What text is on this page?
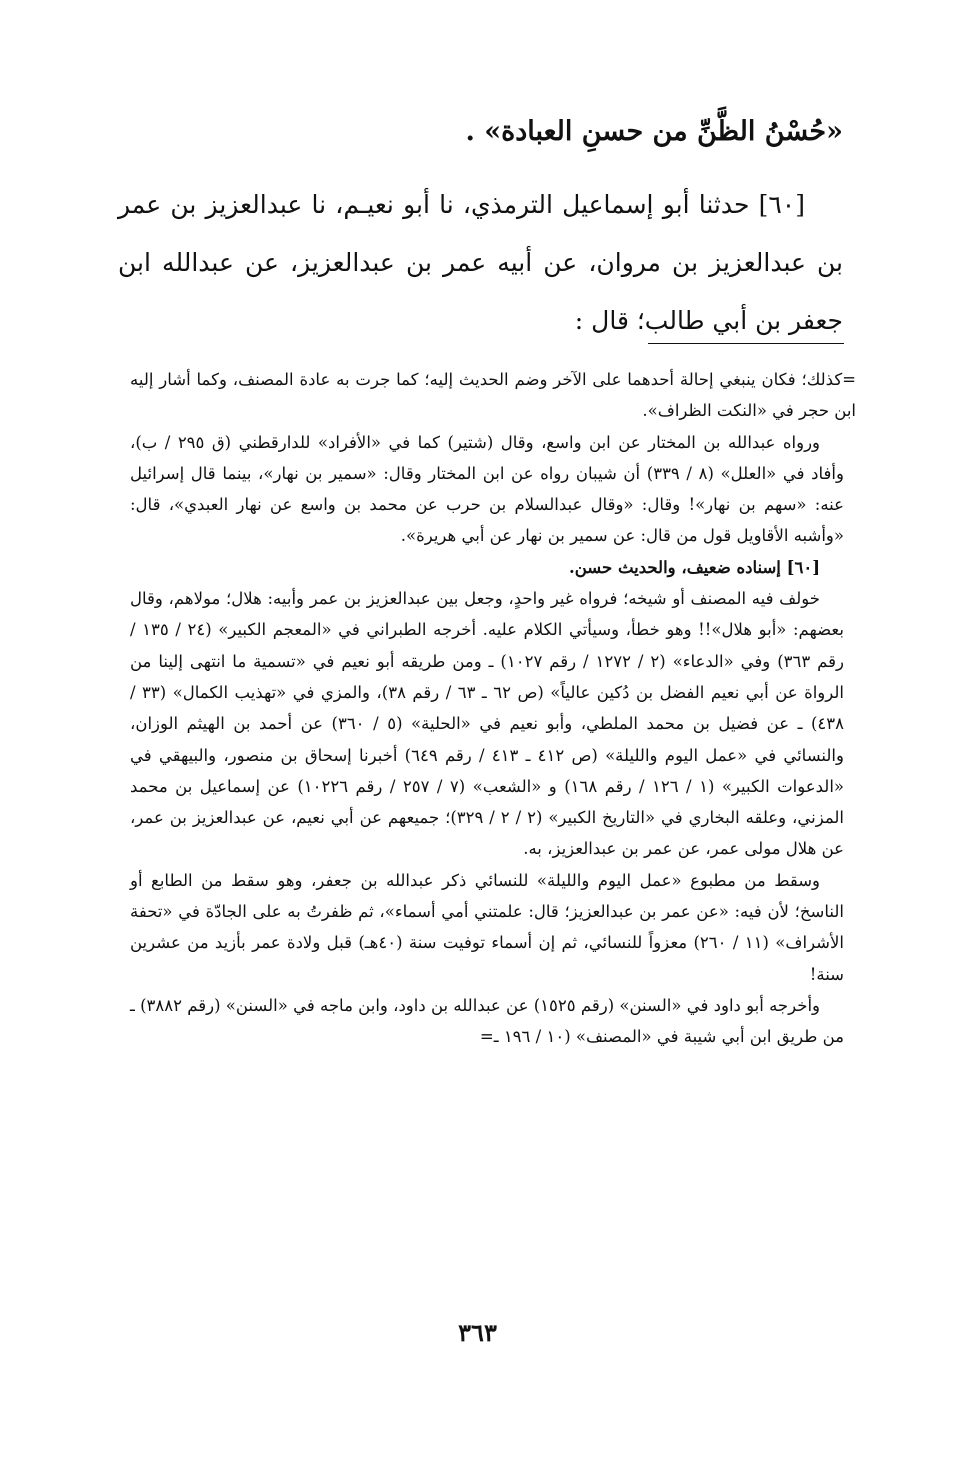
«حُسْنُ الظَّنِّ من حسنِ العبادة» .

[٦٠] حدثنا أبو إسماعيل الترمذي، نا أبو نعيـم، نا عبدالعزيز بن عمر بن عبدالعزيز بن مروان، عن أبيه عمر بن عبدالعزيز، عن عبدالله ابن جعفر بن أبي طالب؛ قال :

=كذلك؛ فكان ينبغي إحالة أحدهما على الآخر وضم الحديث إليه؛ كما جرت به عادة المصنف، وكما أشار إليه ابن حجر في «النكت الظراف».

ورواه عبدالله بن المختار عن ابن واسع، وقال (شتير) كما في «الأفراد» للدارقطني (ق ٢٩٥ / ب)، وأفاد في «العلل» (٨ / ٣٣٩) أن شيبان رواه عن ابن المختار وقال: «سمير بن نهار»، بينما قال إسرائيل عنه: «سهم بن نهار»! وقال: «وقال عبدالسلام بن حرب عن محمد بن واسع عن نهار العبدي»، قال: «وأشبه الأقاويل قول من قال: عن سمير بن نهار عن أبي هريرة».

[٦٠] إسناده ضعيف، والحديث حسن.

خولف فيه المصنف أو شيخه؛ فرواه غير واحدٍ، وجعل بين عبدالعزيز بن عمر وأبيه: هلال؛ مولاهم، وقال بعضهم: «أبو هلال»!! وهو خطأ، وسيأتي الكلام عليه. أخرجه الطبراني في «المعجم الكبير» (٢٤ / ١٣٥ / رقم ٣٦٣) وفي «الدعاء» (٢ / ١٢٧٢ / رقم ١٠٢٧) ـ ومن طريقه أبو نعيم في «تسمية ما انتهى إلينا من الرواة عن أبي نعيم الفضل بن دُكين عالياً» (ص ٦٢ ـ ٦٣ / رقم ٣٨)، والمزي في «تهذيب الكمال» (٣٣ / ٤٣٨) ـ عن فضيل بن محمد الملطي، وأبو نعيم في «الحلية» (٥ / ٣٦٠) عن أحمد بن الهيثم الوزان، والنسائي في «عمل اليوم والليلة» (ص ٤١٢ ـ ٤١٣ / رقم ٦٤٩) أخبرنا إسحاق بن منصور، والبيهقي في «الدعوات الكبير» (١ / ١٢٦ / رقم ١٦٨) و «الشعب» (٧ / ٢٥٧ / رقم ١٠٢٢٦) عن إسماعيل بن محمد المزني، وعلقه البخاري في «التاريخ الكبير» (٢ / ٢ / ٣٢٩)؛ جميعهم عن أبي نعيم، عن عبدالعزيز بن عمر، عن هلال مولى عمر، عن عمر بن عبدالعزيز، به.

وسقط من مطبوع «عمل اليوم والليلة» للنسائي ذكر عبدالله بن جعفر، وهو سقط من الطابع أو الناسخ؛ لأن فيه: «عن عمر بن عبدالعزيز؛ قال: علمتني أمي أسماء»، ثم ظفرتُ به على الجادّة في «تحفة الأشراف» (١١ / ٢٦٠) معزواً للنسائي، ثم إن أسماء توفيت سنة (٤٠هـ) قبل ولادة عمر بأزيد من عشرين سنة!

وأخرجه أبو داود في «السنن» (رقم ١٥٢٥) عن عبدالله بن داود، وابن ماجه في «السنن» (رقم ٣٨٨٢) ـ من طريق ابن أبي شيبة في «المصنف» (١٠ / ١٩٦ ـ=

٣٦٣
